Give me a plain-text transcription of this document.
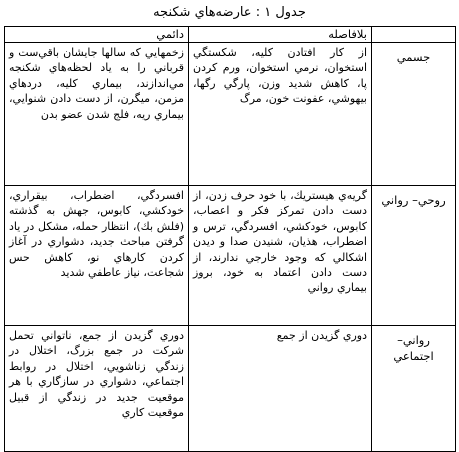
جدول ۱ : عارضه‌هاي شكنجه
	بلافاصله	دائمي
جسمي	از كار افتادن كليه، شكستگي استخوان، نرمي استخوان، ورم كردن پا، كاهش شديد وزن، پارگي رگها، بيهوشي، عفونت خون، مرگ	زخمهايي كه سالها جايشان باقي‌ست و قرباني را به ياد لحظه‌هاي شكنجه مي‌اندازند، بيماري كليه، دردهاي مزمن، ميگرن، از دست دادن شنوايي، بيماري ريه، فلج شدن عضو بدن

روحي– رواني	گريه‌ي هيستريك، با خود حرف زدن، از دست دادن تمركز فكر و اعصاب، كابوس، خودكشي، افسردگي، ترس و اضطراب، هذيان، شنيدن صدا و ديدن اشكالي كه وجود خارجي ندارند، از دست دادن اعتماد به خود، بروز بيماري رواني	افسردگي، اضطراب، بيقراري، خودكشي، كابوس، جهش به گذشته (فلش بك)، انتظار حمله، مشكل در ياد گرفتن مباحث جديد، دشواري در آغاز كردن كارهاي نو، كاهش حس شجاعت، نياز عاطفي شديد

رواني– اجتماعي	دوري گزيدن از جمع	دوري گزيدن از جمع، ناتواني تحمل شركت در جمع بزرگ، اختلال در زندگي زناشويي، اختلال در روابط اجتماعي، دشواري در سازگاري با هر موقعيت جديد در زندگي از قبيل موقعيت كاري
